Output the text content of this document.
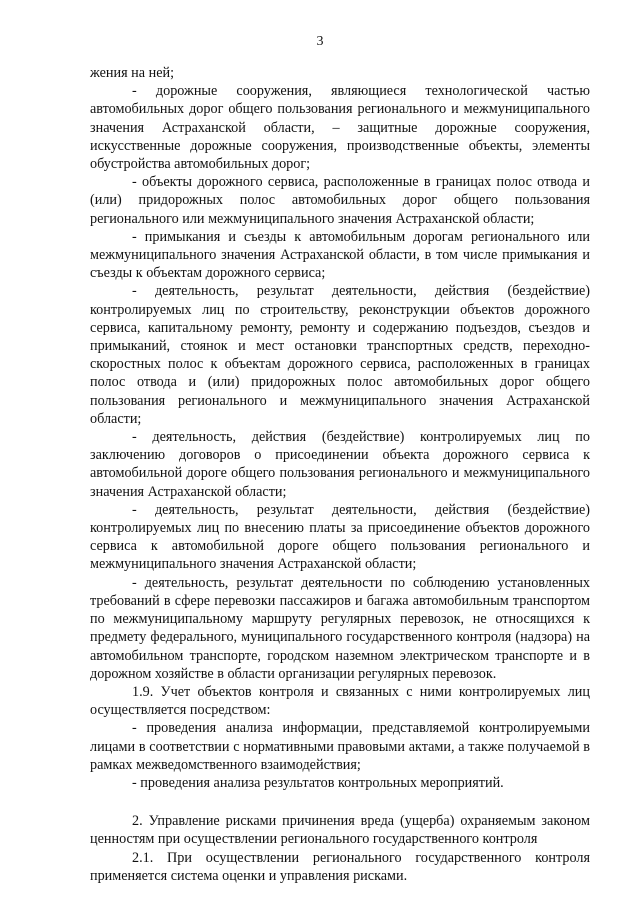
3

жения на ней;

- дорожные сооружения, являющиеся технологической частью автомобильных дорог общего пользования регионального и межмуниципального значения Астраханской области, – защитные дорожные сооружения, искусственные дорожные сооружения, производственные объекты, элементы обустройства автомобильных дорог;

- объекты дорожного сервиса, расположенные в границах полос отвода и (или) придорожных полос автомобильных дорог общего пользования регионального или межмуниципального значения Астраханской области;

- примыкания и съезды к автомобильным дорогам регионального или межмуниципального значения Астраханской области, в том числе примыкания и съезды к объектам дорожного сервиса;

- деятельность, результат деятельности, действия (бездействие) контролируемых лиц по строительству, реконструкции объектов дорожного сервиса, капитальному ремонту, ремонту и содержанию подъездов, съездов и примыканий, стоянок и мест остановки транспортных средств, переходно-скоростных полос к объектам дорожного сервиса, расположенных в границах полос отвода и (или) придорожных полос автомобильных дорог общего пользования регионального и межмуниципального значения Астраханской области;

- деятельность, действия (бездействие) контролируемых лиц по заключению договоров о присоединении объекта дорожного сервиса к автомобильной дороге общего пользования регионального и межмуниципального значения Астраханской области;

- деятельность, результат деятельности, действия (бездействие) контролируемых лиц по внесению платы за присоединение объектов дорожного сервиса к автомобильной дороге общего пользования регионального и межмуниципального значения Астраханской области;

- деятельность, результат деятельности по соблюдению установленных требований в сфере перевозки пассажиров и багажа автомобильным транспортом по межмуниципальному маршруту регулярных перевозок, не относящихся к предмету федерального, муниципального государственного контроля (надзора) на автомобильном транспорте, городском наземном электрическом транспорте и в дорожном хозяйстве в области организации регулярных перевозок.

1.9. Учет объектов контроля и связанных с ними контролируемых лиц осуществляется посредством:

- проведения анализа информации, представляемой контролируемыми лицами в соответствии с нормативными правовыми актами, а также получаемой в рамках межведомственного взаимодействия;

- проведения анализа результатов контрольных мероприятий.

2. Управление рисками причинения вреда (ущерба) охраняемым законом ценностям при осуществлении регионального государственного контроля

2.1. При осуществлении регионального государственного контроля применяется система оценки и управления рисками.
